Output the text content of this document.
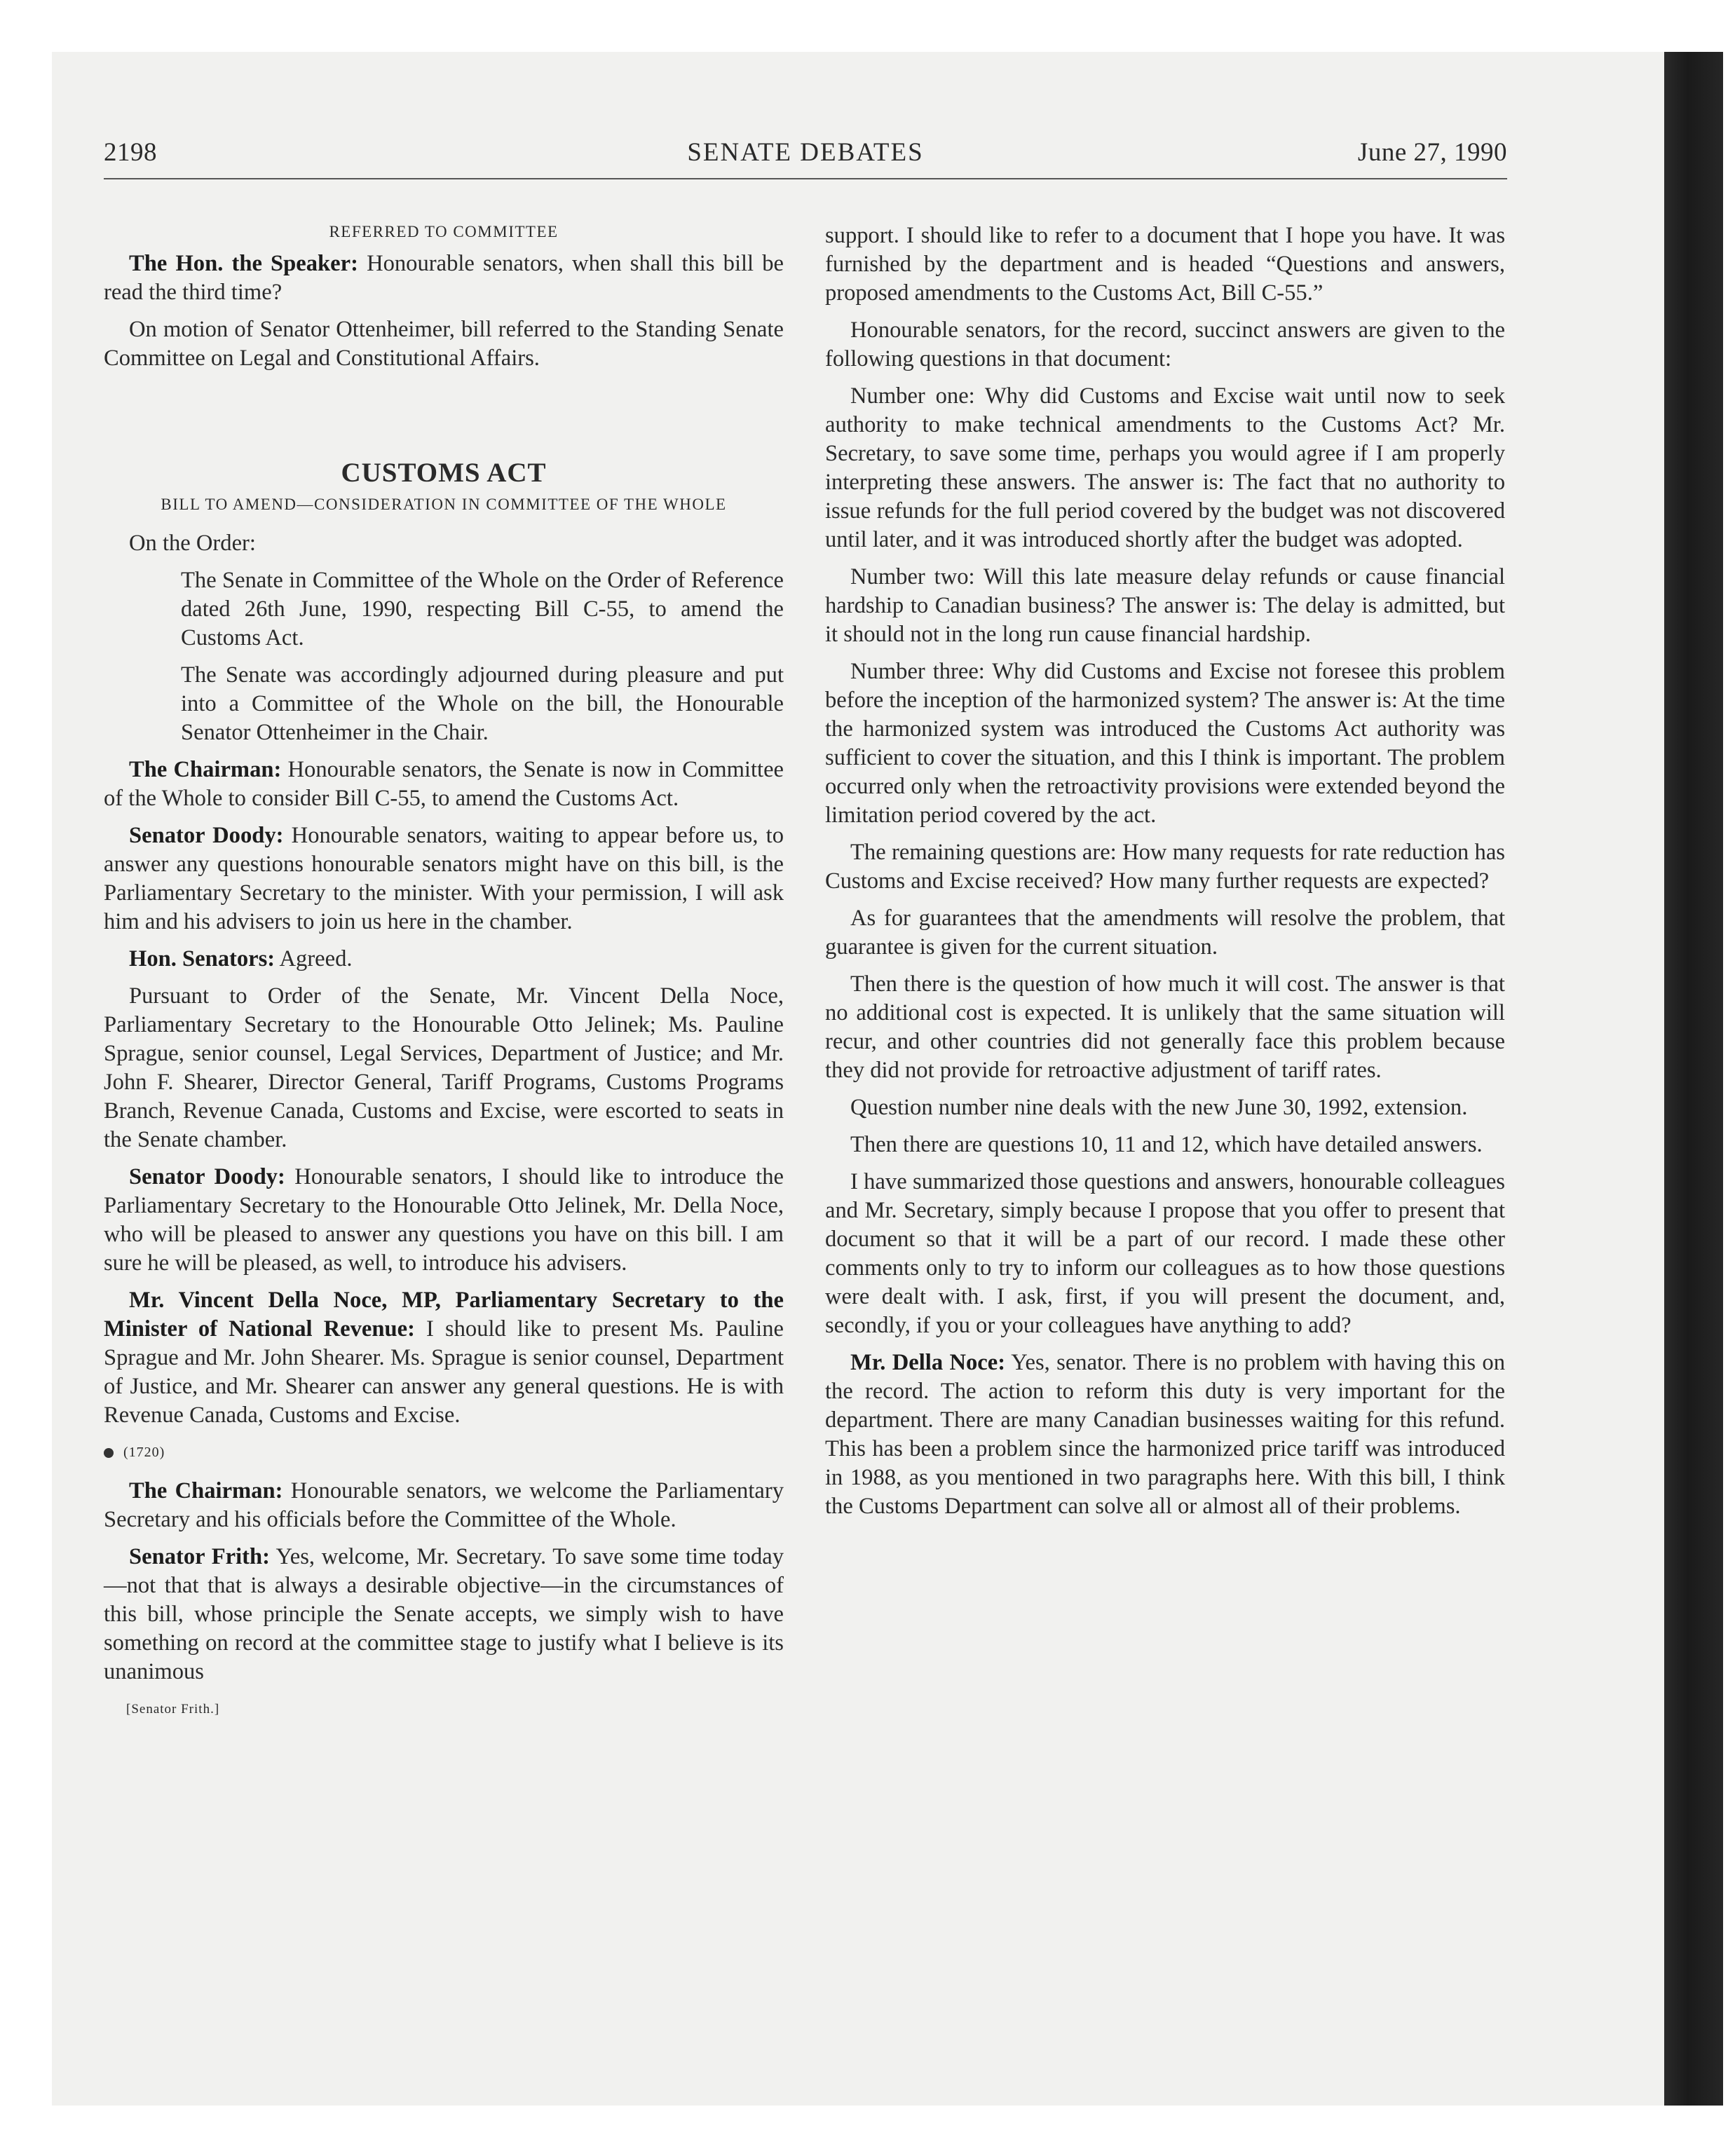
2198	SENATE DEBATES	June 27, 1990
REFERRED TO COMMITTEE

The Hon. the Speaker: Honourable senators, when shall this bill be read the third time?

On motion of Senator Ottenheimer, bill referred to the Standing Senate Committee on Legal and Constitutional Affairs.

CUSTOMS ACT
BILL TO AMEND—CONSIDERATION IN COMMITTEE OF THE WHOLE

On the Order:

The Senate in Committee of the Whole on the Order of Reference dated 26th June, 1990, respecting Bill C-55, to amend the Customs Act.

The Senate was accordingly adjourned during pleasure and put into a Committee of the Whole on the bill, the Honourable Senator Ottenheimer in the Chair.

The Chairman: Honourable senators, the Senate is now in Committee of the Whole to consider Bill C-55, to amend the Customs Act.

Senator Doody: Honourable senators, waiting to appear before us, to answer any questions honourable senators might have on this bill, is the Parliamentary Secretary to the minister. With your permission, I will ask him and his advisers to join us here in the chamber.

Hon. Senators: Agreed.

Pursuant to Order of the Senate, Mr. Vincent Della Noce, Parliamentary Secretary to the Honourable Otto Jelinek; Ms. Pauline Sprague, senior counsel, Legal Services, Department of Justice; and Mr. John F. Shearer, Director General, Tariff Programs, Customs Programs Branch, Revenue Canada, Customs and Excise, were escorted to seats in the Senate chamber.

Senator Doody: Honourable senators, I should like to introduce the Parliamentary Secretary to the Honourable Otto Jelinek, Mr. Della Noce, who will be pleased to answer any questions you have on this bill. I am sure he will be pleased, as well, to introduce his advisers.

Mr. Vincent Della Noce, MP, Parliamentary Secretary to the Minister of National Revenue: I should like to present Ms. Pauline Sprague and Mr. John Shearer. Ms. Sprague is senior counsel, Department of Justice, and Mr. Shearer can answer any general questions. He is with Revenue Canada, Customs and Excise.

(1720)

The Chairman: Honourable senators, we welcome the Parliamentary Secretary and his officials before the Committee of the Whole.

Senator Frith: Yes, welcome, Mr. Secretary. To save some time today—not that that is always a desirable objective—in the circumstances of this bill, whose principle the Senate accepts, we simply wish to have something on record at the committee stage to justify what I believe is its unanimous

[Senator Frith.]

support. I should like to refer to a document that I hope you have. It was furnished by the department and is headed “Questions and answers, proposed amendments to the Customs Act, Bill C-55.”

Honourable senators, for the record, succinct answers are given to the following questions in that document:

Number one: Why did Customs and Excise wait until now to seek authority to make technical amendments to the Customs Act? Mr. Secretary, to save some time, perhaps you would agree if I am properly interpreting these answers. The answer is: The fact that no authority to issue refunds for the full period covered by the budget was not discovered until later, and it was introduced shortly after the budget was adopted.

Number two: Will this late measure delay refunds or cause financial hardship to Canadian business? The answer is: The delay is admitted, but it should not in the long run cause financial hardship.

Number three: Why did Customs and Excise not foresee this problem before the inception of the harmonized system? The answer is: At the time the harmonized system was introduced the Customs Act authority was sufficient to cover the situation, and this I think is important. The problem occurred only when the retroactivity provisions were extended beyond the limitation period covered by the act.

The remaining questions are: How many requests for rate reduction has Customs and Excise received? How many further requests are expected?

As for guarantees that the amendments will resolve the problem, that guarantee is given for the current situation.

Then there is the question of how much it will cost. The answer is that no additional cost is expected. It is unlikely that the same situation will recur, and other countries did not generally face this problem because they did not provide for retroactive adjustment of tariff rates.

Question number nine deals with the new June 30, 1992, extension.

Then there are questions 10, 11 and 12, which have detailed answers.

I have summarized those questions and answers, honourable colleagues and Mr. Secretary, simply because I propose that you offer to present that document so that it will be a part of our record. I made these other comments only to try to inform our colleagues as to how those questions were dealt with. I ask, first, if you will present the document, and, secondly, if you or your colleagues have anything to add?

Mr. Della Noce: Yes, senator. There is no problem with having this on the record. The action to reform this duty is very important for the department. There are many Canadian businesses waiting for this refund. This has been a problem since the harmonized price tariff was introduced in 1988, as you mentioned in two paragraphs here. With this bill, I think the Customs Department can solve all or almost all of their problems.
